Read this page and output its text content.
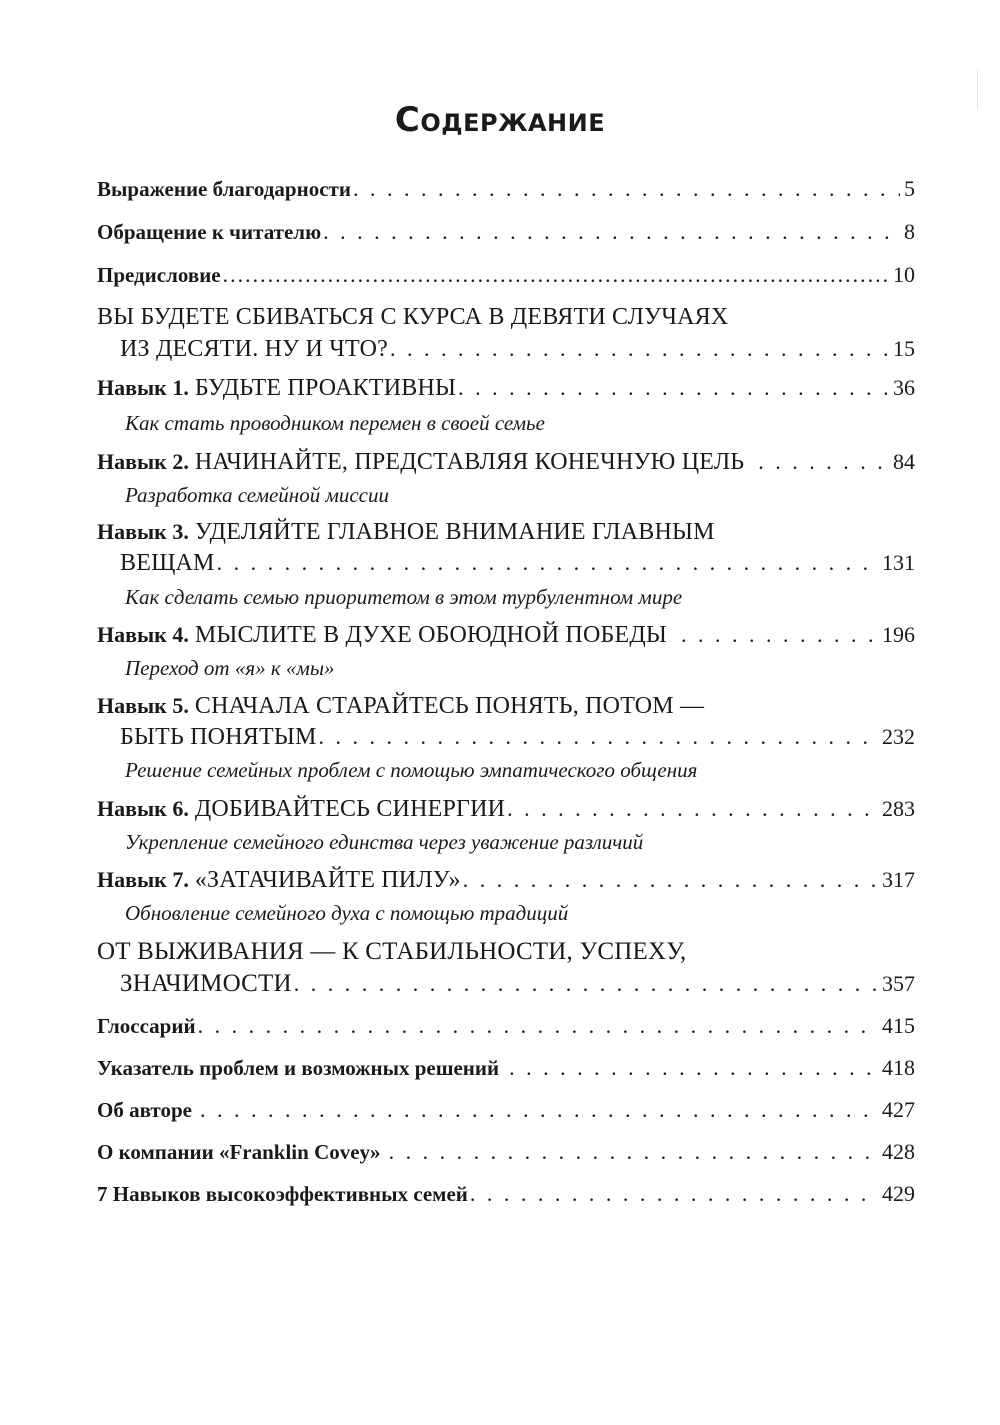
Содержание
Выражение благодарности . . .	5
Обращение к читателю . . .	8
Предисловие .....	10
ВЫ БУДЕТЕ СБИВАТЬСЯ С КУРСА В ДЕВЯТИ СЛУЧАЯХ
ИЗ ДЕСЯТИ. НУ И ЧТО? . . .	15
Навык 1. БУДЬТЕ ПРОАКТИВНЫ . . .	36
Как стать проводником перемен в своей семье
Навык 2. НАЧИНАЙТЕ, ПРЕДСТАВЛЯЯ КОНЕЧНУЮ ЦЕЛЬ . . .	84
Разработка семейной миссии
Навык 3. УДЕЛЯЙТЕ ГЛАВНОЕ ВНИМАНИЕ ГЛАВНЫМ
ВЕЩАМ . . .	131
Как сделать семью приоритетом в этом турбулентном мире
Навык 4. МЫСЛИТЕ В ДУХЕ ОБОЮДНОЙ ПОБЕДЫ . . .	196
Переход от «я» к «мы»
Навык 5. СНАЧАЛА СТАРАЙТЕСЬ ПОНЯТЬ, ПОТОМ —
БЫТЬ ПОНЯТЫМ . . .	232
Решение семейных проблем с помощью эмпатического общения
Навык 6. ДОБИВАЙТЕСЬ СИНЕРГИИ . . .	283
Укрепление семейного единства через уважение различий
Навык 7. «ЗАТАЧИВАЙТЕ ПИЛУ» . . .	317
Обновление семейного духа с помощью традиций
ОТ ВЫЖИВАНИЯ — К СТАБИЛЬНОСТИ, УСПЕХУ,
ЗНАЧИМОСТИ . . .	357
Глоссарий . . .	415
Указатель проблем и возможных решений . . .	418
Об авторе . . .	427
О компании «Franklin Covey» . . .	428
7 Навыков высокоэффективных семей . . .	429
